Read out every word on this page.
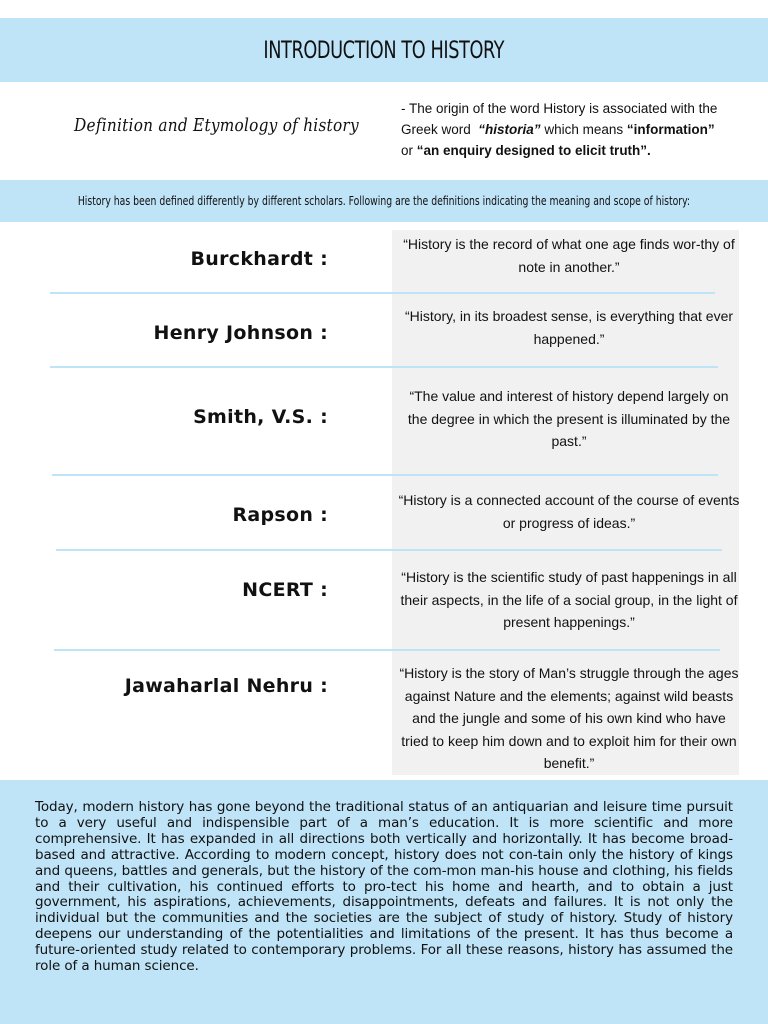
INTRODUCTION TO HISTORY
Definition and Etymology of history
- The origin of the word History is associated with the
Greek word “historia” which means “information”
or “an enquiry designed to elicit truth”.
History has been defined differently by different scholars. Following are the definitions indicating the meaning and scope of history:
Burckhardt :
“History is the record of what one age finds wor-thy of note in another.”
Henry Johnson :
“History, in its broadest sense, is everything that ever happened.”
Smith, V.S. :
“The value and interest of history depend largely on the degree in which the present is illuminated by the past.”
Rapson :
“History is a connected account of the course of events or progress of ideas.”
NCERT :
“History is the scientific study of past happenings in all their aspects, in the life of a social group, in the light of present happenings.”
Jawaharlal Nehru :
“History is the story of Man’s struggle through the ages against Nature and the elements; against wild beasts and the jungle and some of his own kind who have tried to keep him down and to exploit him for their own benefit.”
Today, modern history has gone beyond the traditional status of an antiquarian and leisure time pursuit to a very useful and indispensible part of a man’s education. It is more scientific and more comprehensive. It has expanded in all directions both vertically and horizontally. It has become broad-based and attractive. According to modern concept, history does not con-tain only the history of kings and queens, battles and generals, but the history of the com-mon man-his house and clothing, his fields and their cultivation, his continued efforts to pro-tect his home and hearth, and to obtain a just government, his aspirations, achievements, disappointments, defeats and failures. It is not only the individual but the communities and the societies are the subject of study of history. Study of history deepens our understanding of the potentialities and limitations of the present. It has thus become a future-oriented study related to contemporary problems. For all these reasons, history has assumed the role of a human science.
